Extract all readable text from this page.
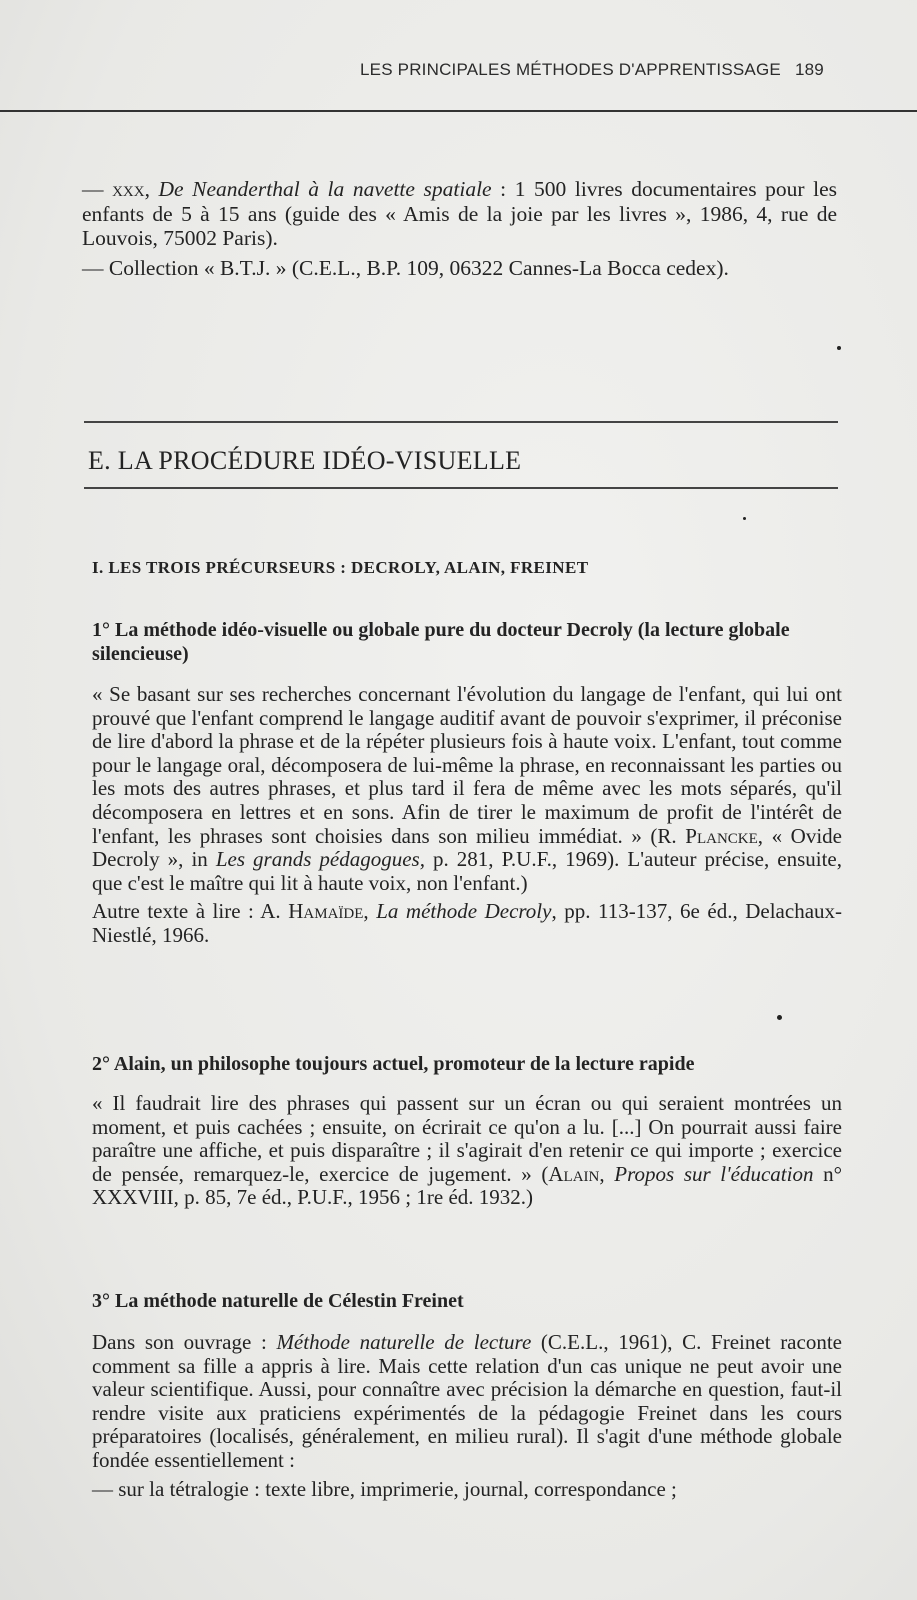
LES PRINCIPALES MÉTHODES D'APPRENTISSAGE 189

— xxx, De Neanderthal à la navette spatiale : 1 500 livres documentaires pour les enfants de 5 à 15 ans (guide des « Amis de la joie par les livres », 1986, 4, rue de Louvois, 75002 Paris).

— Collection « B.T.J. » (C.E.L., B.P. 109, 06322 Cannes-La Bocca cedex).

E. LA PROCÉDURE IDÉO-VISUELLE
I. LES TROIS PRÉCURSEURS : DECROLY, ALAIN, FREINET
1° La méthode idéo-visuelle ou globale pure du docteur Decroly (la lecture globale silencieuse)

« Se basant sur ses recherches concernant l'évolution du langage de l'enfant, qui lui ont prouvé que l'enfant comprend le langage auditif avant de pouvoir s'exprimer, il préconise de lire d'abord la phrase et de la répéter plusieurs fois à haute voix. L'enfant, tout comme pour le langage oral, décomposera de lui-même la phrase, en reconnaissant les parties ou les mots des autres phrases, et plus tard il fera de même avec les mots séparés, qu'il décomposera en lettres et en sons. Afin de tirer le maximum de profit de l'intérêt de l'enfant, les phrases sont choisies dans son milieu immédiat. » (R. Plancke, « Ovide Decroly », in Les grands pédagogues, p. 281, P.U.F., 1969). L'auteur précise, ensuite, que c'est le maître qui lit à haute voix, non l'enfant.)

Autre texte à lire : A. Hamaïde, La méthode Decroly, pp. 113-137, 6e éd., Delachaux-Niestlé, 1966.

2° Alain, un philosophe toujours actuel, promoteur de la lecture rapide

« Il faudrait lire des phrases qui passent sur un écran ou qui seraient montrées un moment, et puis cachées ; ensuite, on écrirait ce qu'on a lu. [...] On pourrait aussi faire paraître une affiche, et puis disparaître ; il s'agirait d'en retenir ce qui importe ; exercice de pensée, remarquez-le, exercice de jugement. » (Alain, Propos sur l'éducation n° XXXVIII, p. 85, 7e éd., P.U.F., 1956 ; 1re éd. 1932.)

3° La méthode naturelle de Célestin Freinet

Dans son ouvrage : Méthode naturelle de lecture (C.E.L., 1961), C. Freinet raconte comment sa fille a appris à lire. Mais cette relation d'un cas unique ne peut avoir une valeur scientifique. Aussi, pour connaître avec précision la démarche en question, faut-il rendre visite aux praticiens expérimentés de la pédagogie Freinet dans les cours préparatoires (localisés, généralement, en milieu rural). Il s'agit d'une méthode globale fondée essentiellement :

— sur la tétralogie : texte libre, imprimerie, journal, correspondance ;
